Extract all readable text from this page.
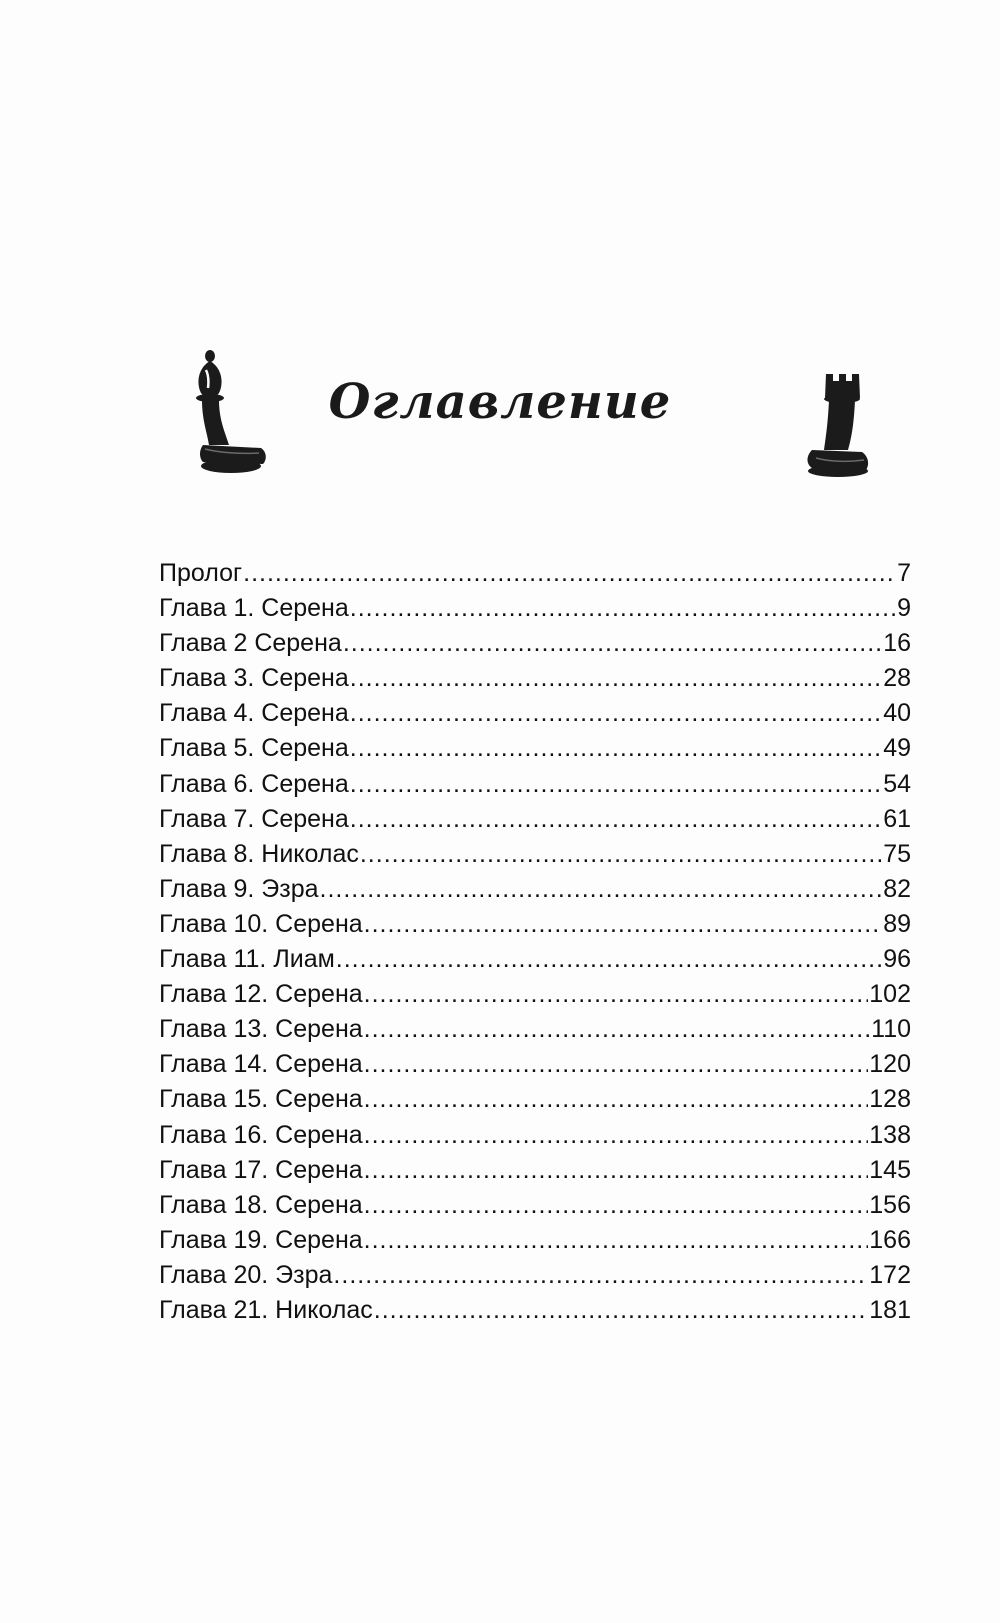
Оглавление
Пролог .....	7
Глава 1. Серена .....	9
Глава 2 Серена .....	16
Глава 3. Серена .....	28
Глава 4. Серена .....	40
Глава 5. Серена .....	49
Глава 6. Серена .....	54
Глава 7. Серена .....	61
Глава 8. Николас .....	75
Глава 9. Эзра .....	82
Глава 10. Серена .....	89
Глава 11. Лиам .....	96
Глава 12. Серена .....	102
Глава 13. Серена .....	110
Глава 14. Серена .....	120
Глава 15. Серена .....	128
Глава 16. Серена .....	138
Глава 17. Серена .....	145
Глава 18. Серена .....	156
Глава 19. Серена .....	166
Глава 20. Эзра .....	172
Глава 21. Николас .....	181
